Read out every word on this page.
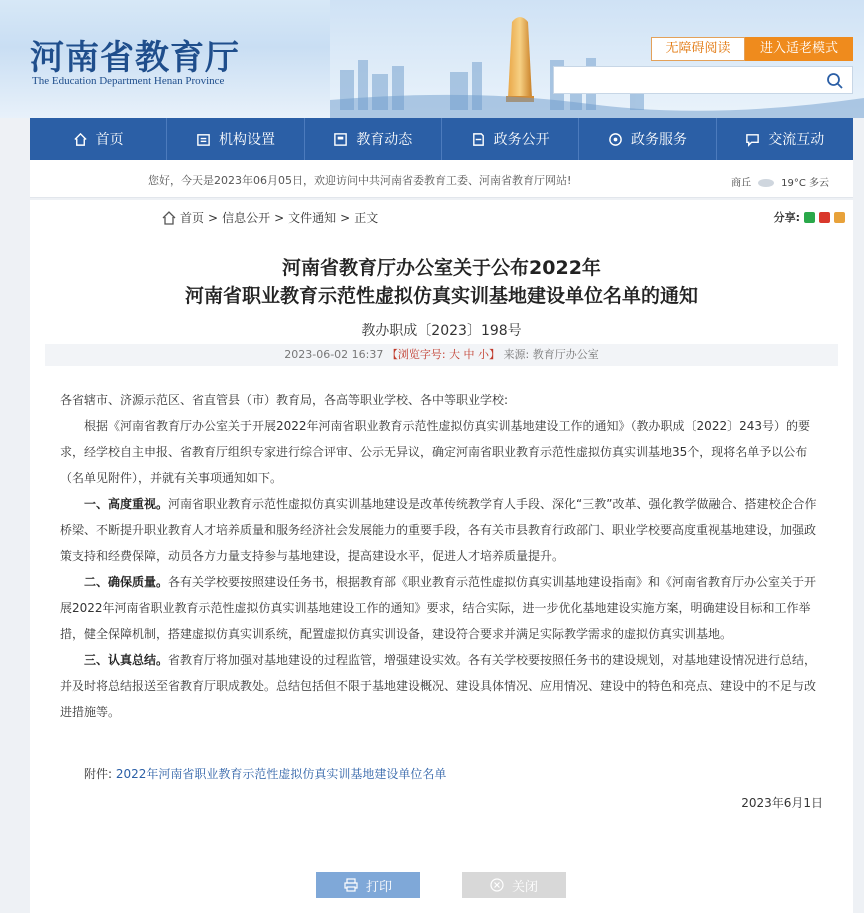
河南省教育厅
The Education Department Henan Province
无障碍阅读	进入适老模式
首页	机构设置	教育动态	政务公开	政务服务	交流互动
您好，今天是2023年06月05日，欢迎访问中共河南省委教育工委、河南省教育厅网站!	商丘	19°C 多云
首页 > 信息公开 > 文件通知 > 正文	分享:
河南省教育厅办公室关于公布2022年
河南省职业教育示范性虚拟仿真实训基地建设单位名单的通知
教办职成〔2023〕198号
2023-06-02 16:37 【浏览字号: 大 中 小】 来源: 教育厅办公室

各省辖市、济源示范区、省直管县（市）教育局，各高等职业学校、各中等职业学校:

根据《河南省教育厅办公室关于开展2022年河南省职业教育示范性虚拟仿真实训基地建设工作的通知》（教办职成〔2022〕243号）的要求，经学校自主申报、省教育厅组织专家进行综合评审、公示无异议，确定河南省职业教育示范性虚拟仿真实训基地35个，现将名单予以公布（名单见附件），并就有关事项通知如下。

一、高度重视。河南省职业教育示范性虚拟仿真实训基地建设是改革传统教学育人手段、深化“三教”改革、强化教学做融合、搭建校企合作桥梁、不断提升职业教育人才培养质量和服务经济社会发展能力的重要手段，各有关市县教育行政部门、职业学校要高度重视基地建设，加强政策支持和经费保障，动员各方力量支持参与基地建设，提高建设水平，促进人才培养质量提升。

二、确保质量。各有关学校要按照建设任务书，根据教育部《职业教育示范性虚拟仿真实训基地建设指南》和《河南省教育厅办公室关于开展2022年河南省职业教育示范性虚拟仿真实训基地建设工作的通知》要求，结合实际，进一步优化基地建设实施方案，明确建设目标和工作举措，健全保障机制，搭建虚拟仿真实训系统，配置虚拟仿真实训设备，建设符合要求并满足实际教学需求的虚拟仿真实训基地。

三、认真总结。省教育厅将加强对基地建设的过程监管，增强建设实效。各有关学校要按照任务书的建设规划，对基地建设情况进行总结，并及时将总结报送至省教育厅职成教处。总结包括但不限于基地建设概况、建设具体情况、应用情况、建设中的特色和亮点、建设中的不足与改进措施等。

附件: 2022年河南省职业教育示范性虚拟仿真实训基地建设单位名单
2023年6月1日
打印	关闭
